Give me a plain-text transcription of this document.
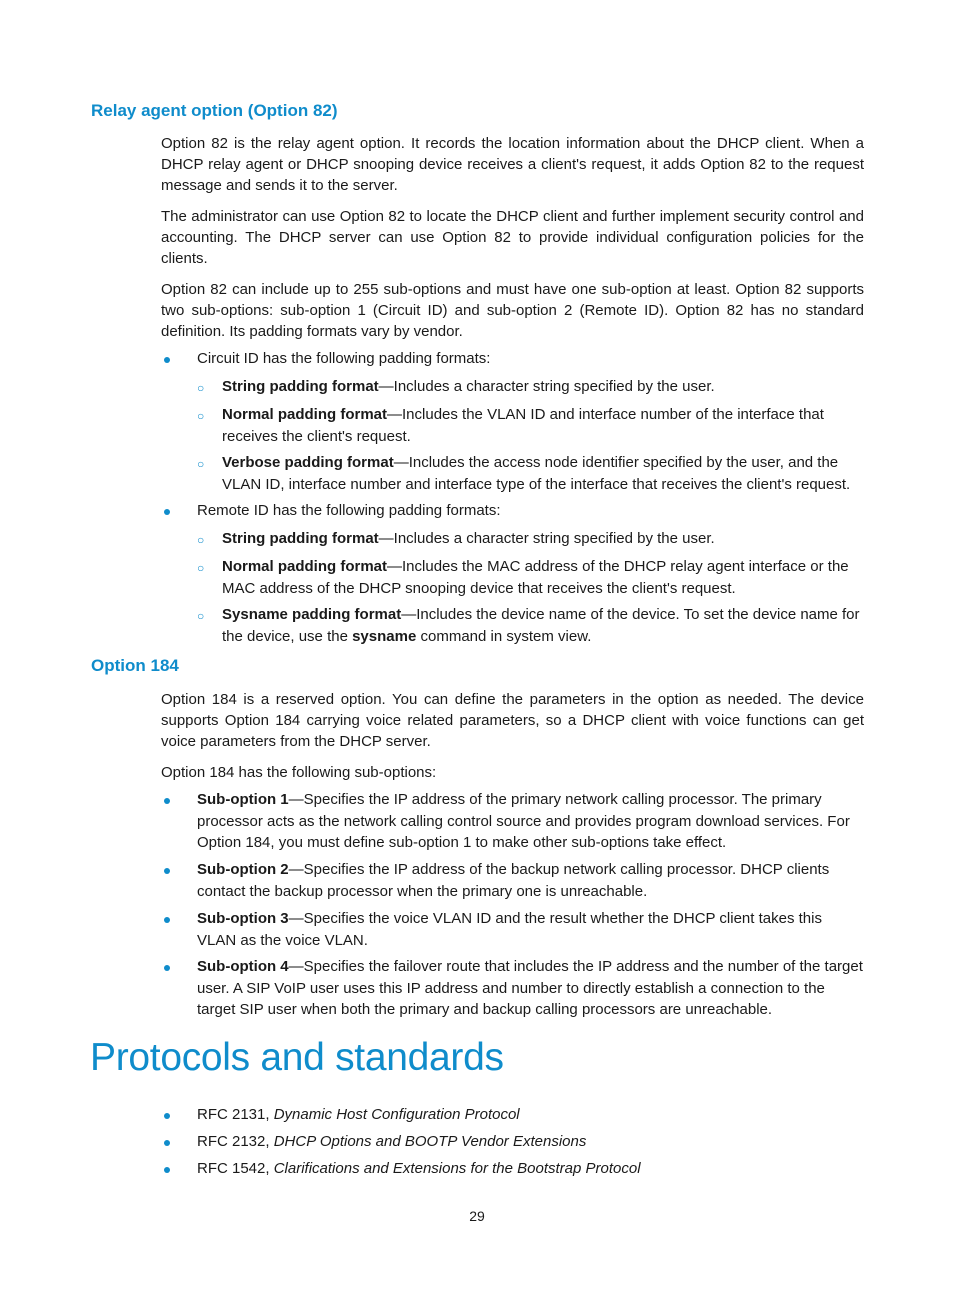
Relay agent option (Option 82)

Option 82 is the relay agent option. It records the location information about the DHCP client. When a DHCP relay agent or DHCP snooping device receives a client's request, it adds Option 82 to the request message and sends it to the server.

The administrator can use Option 82 to locate the DHCP client and further implement security control and accounting. The DHCP server can use Option 82 to provide individual configuration policies for the clients.

Option 82 can include up to 255 sub-options and must have one sub-option at least. Option 82 supports two sub-options: sub-option 1 (Circuit ID) and sub-option 2 (Remote ID). Option 82 has no standard definition. Its padding formats vary by vendor.

Circuit ID has the following padding formats:

○ String padding format—Includes a character string specified by the user.

○ Normal padding format—Includes the VLAN ID and interface number of the interface that receives the client's request.

○ Verbose padding format—Includes the access node identifier specified by the user, and the VLAN ID, interface number and interface type of the interface that receives the client's request.

Remote ID has the following padding formats:

○ String padding format—Includes a character string specified by the user.

○ Normal padding format—Includes the MAC address of the DHCP relay agent interface or the MAC address of the DHCP snooping device that receives the client's request.

○ Sysname padding format—Includes the device name of the device. To set the device name for the device, use the sysname command in system view.

Option 184

Option 184 is a reserved option. You can define the parameters in the option as needed. The device supports Option 184 carrying voice related parameters, so a DHCP client with voice functions can get voice parameters from the DHCP server.

Option 184 has the following sub-options:

Sub-option 1—Specifies the IP address of the primary network calling processor. The primary processor acts as the network calling control source and provides program download services. For Option 184, you must define sub-option 1 to make other sub-options take effect.

Sub-option 2—Specifies the IP address of the backup network calling processor. DHCP clients contact the backup processor when the primary one is unreachable.

Sub-option 3—Specifies the voice VLAN ID and the result whether the DHCP client takes this VLAN as the voice VLAN.

Sub-option 4—Specifies the failover route that includes the IP address and the number of the target user. A SIP VoIP user uses this IP address and number to directly establish a connection to the target SIP user when both the primary and backup calling processors are unreachable.

Protocols and standards

RFC 2131, Dynamic Host Configuration Protocol

RFC 2132, DHCP Options and BOOTP Vendor Extensions

RFC 1542, Clarifications and Extensions for the Bootstrap Protocol

29
